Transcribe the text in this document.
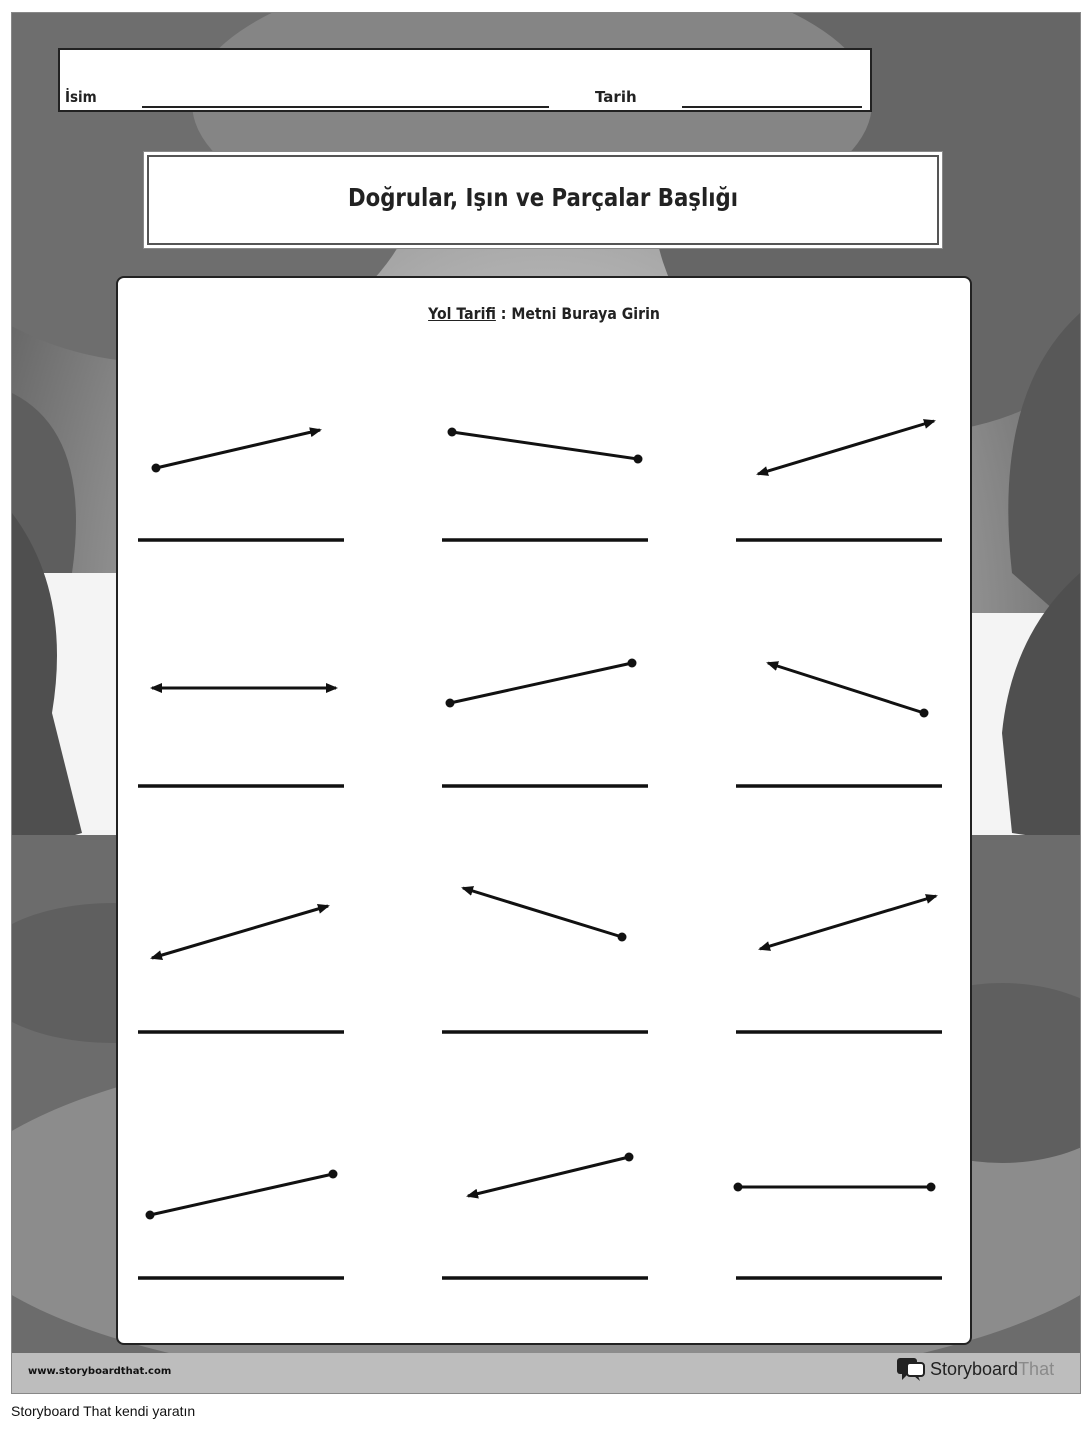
İsim	Tarih
Doğrular, Işın ve Parçalar Başlığı
Yol Tarifi : Metni Buraya Girin
www.storyboardthat.com	StoryboardThat
Storyboard That kendi yaratın
